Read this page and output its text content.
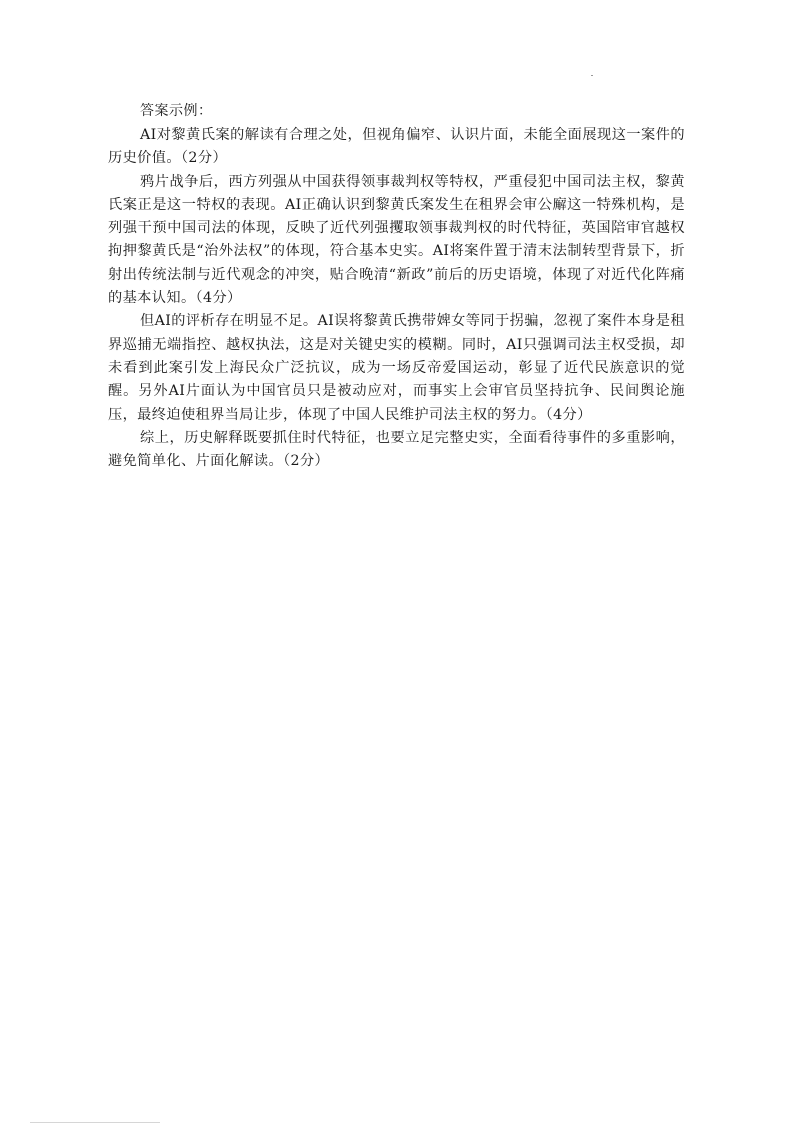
答案示例：

AI对黎黄氏案的解读有合理之处，但视角偏窄、认识片面，未能全面展现这一案件的历史价值。（2分）

鸦片战争后，西方列强从中国获得领事裁判权等特权，严重侵犯中国司法主权，黎黄氏案正是这一特权的表现。AI正确认识到黎黄氏案发生在租界会审公廨这一特殊机构，是列强干预中国司法的体现，反映了近代列强攫取领事裁判权的时代特征，英国陪审官越权拘押黎黄氏是“治外法权”的体现，符合基本史实。AI将案件置于清末法制转型背景下，折射出传统法制与近代观念的冲突，贴合晚清“新政”前后的历史语境，体现了对近代化阵痛的基本认知。（4分）

但AI的评析存在明显不足。AI误将黎黄氏携带婢女等同于拐骗，忽视了案件本身是租界巡捕无端指控、越权执法，这是对关键史实的模糊。同时，AI只强调司法主权受损，却未看到此案引发上海民众广泛抗议，成为一场反帝爱国运动，彰显了近代民族意识的觉醒。另外AI片面认为中国官员只是被动应对，而事实上会审官员坚持抗争、民间舆论施压，最终迫使租界当局让步，体现了中国人民维护司法主权的努力。（4分）

综上，历史解释既要抓住时代特征，也要立足完整史实，全面看待事件的多重影响，避免简单化、片面化解读。（2分）
